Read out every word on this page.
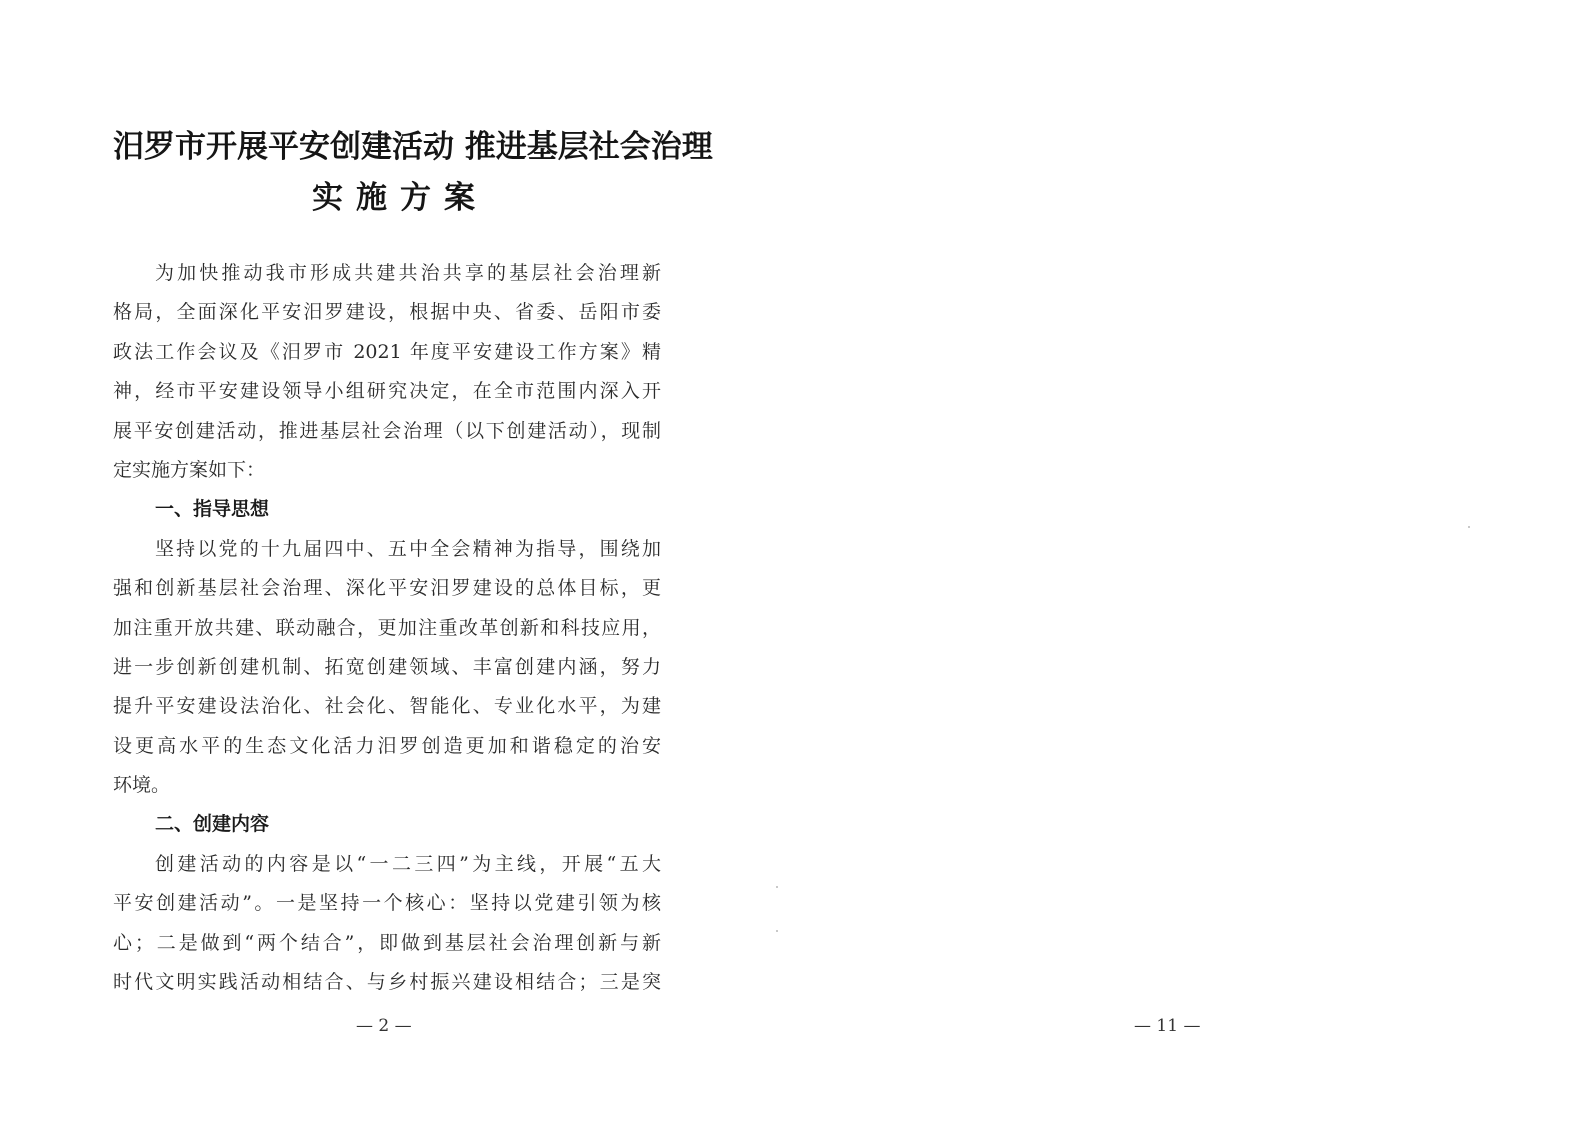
汨罗市开展平安创建活动 推进基层社会治理
实施方案
为加快推动我市形成共建共治共享的基层社会治理新
格局，全面深化平安汨罗建设，根据中央、省委、岳阳市委
政法工作会议及《汨罗市 2021 年度平安建设工作方案》精
神，经市平安建设领导小组研究决定，在全市范围内深入开
展平安创建活动，推进基层社会治理（以下创建活动），现制
定实施方案如下：
一、指导思想
坚持以党的十九届四中、五中全会精神为指导，围绕加
强和创新基层社会治理、深化平安汨罗建设的总体目标，更
加注重开放共建、联动融合，更加注重改革创新和科技应用，
进一步创新创建机制、拓宽创建领域、丰富创建内涵，努力
提升平安建设法治化、社会化、智能化、专业化水平，为建
设更高水平的生态文化活力汨罗创造更加和谐稳定的治安
环境。
二、创建内容
创建活动的内容是以“一二三四”为主线，开展“五大
平安创建活动”。一是坚持一个核心：坚持以党建引领为核
心；二是做到“两个结合”，即做到基层社会治理创新与新
时代文明实践活动相结合、与乡村振兴建设相结合；三是突
— 2 —	— 11 —
